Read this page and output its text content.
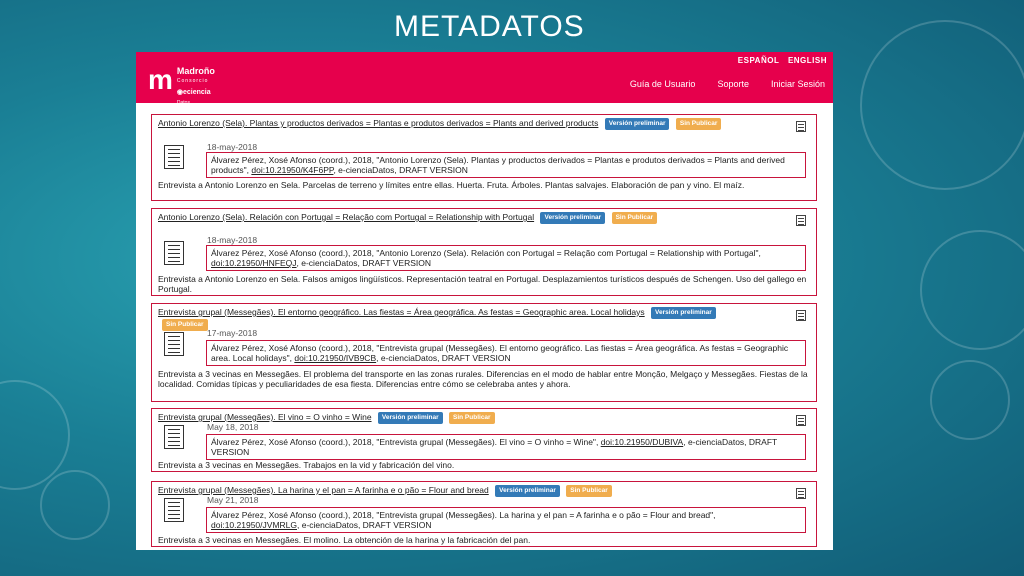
METADATOS
ESPAÑOL ENGLISH
m Madroño
Consorcio
◉eciencia
Guía de Usuario Soporte Iniciar Sesión
Antonio Lorenzo (Sela). Plantas y productos derivados = Plantas e produtos derivados = Plants and derived products Versión preliminar Sin Publicar
18-may-2018
Álvarez Pérez, Xosé Afonso (coord.), 2018, "Antonio Lorenzo (Sela). Plantas y productos derivados = Plantas e produtos derivados = Plants and derived products", doi:10.21950/K4F6PP, e-cienciaDatos, DRAFT VERSION
Entrevista a Antonio Lorenzo en Sela. Parcelas de terreno y límites entre ellas. Huerta. Fruta. Árboles. Plantas salvajes. Elaboración de pan y vino. El maíz.
Antonio Lorenzo (Sela). Relación con Portugal = Relação com Portugal = Relationship with Portugal Versión preliminar Sin Publicar
18-may-2018
Álvarez Pérez, Xosé Afonso (coord.), 2018, "Antonio Lorenzo (Sela). Relación con Portugal = Relação com Portugal = Relationship with Portugal", doi:10.21950/HNFEQJ, e-cienciaDatos, DRAFT VERSION
Entrevista a Antonio Lorenzo en Sela. Falsos amigos lingüísticos. Representación teatral en Portugal. Desplazamientos turísticos después de Schengen. Uso del gallego en Portugal.
Entrevista grupal (Messegães). El entorno geográfico. Las fiestas = Área geográfica. As festas = Geographic area. Local holidays Versión preliminar Sin Publicar
17-may-2018
Álvarez Pérez, Xosé Afonso (coord.), 2018, "Entrevista grupal (Messegães). El entorno geográfico. Las fiestas = Área geográfica. As festas = Geographic area. Local holidays", doi:10.21950/IVB9CB, e-cienciaDatos, DRAFT VERSION
Entrevista a 3 vecinas en Messegães. El problema del transporte en las zonas rurales. Diferencias en el modo de hablar entre Monção, Melgaço y Messegães. Fiestas de la localidad. Comidas típicas y peculiaridades de esa fiesta. Diferencias entre cómo se celebraba antes y ahora.
Entrevista grupal (Messegães). El vino = O vinho = Wine Versión preliminar Sin Publicar
May 18, 2018
Álvarez Pérez, Xosé Afonso (coord.), 2018, "Entrevista grupal (Messegães). El vino = O vinho = Wine", doi:10.21950/DUBIVA, e-cienciaDatos, DRAFT VERSION
Entrevista a 3 vecinas en Messegães. Trabajos en la vid y fabricación del vino.
Entrevista grupal (Messegães). La harina y el pan = A farinha e o pão = Flour and bread Versión preliminar Sin Publicar
May 21, 2018
Álvarez Pérez, Xosé Afonso (coord.), 2018, "Entrevista grupal (Messegães). La harina y el pan = A farinha e o pão = Flour and bread", doi:10.21950/JVMRLG, e-cienciaDatos, DRAFT VERSION
Entrevista a 3 vecinas en Messegães. El molino. La obtención de la harina y la fabricación del pan.
